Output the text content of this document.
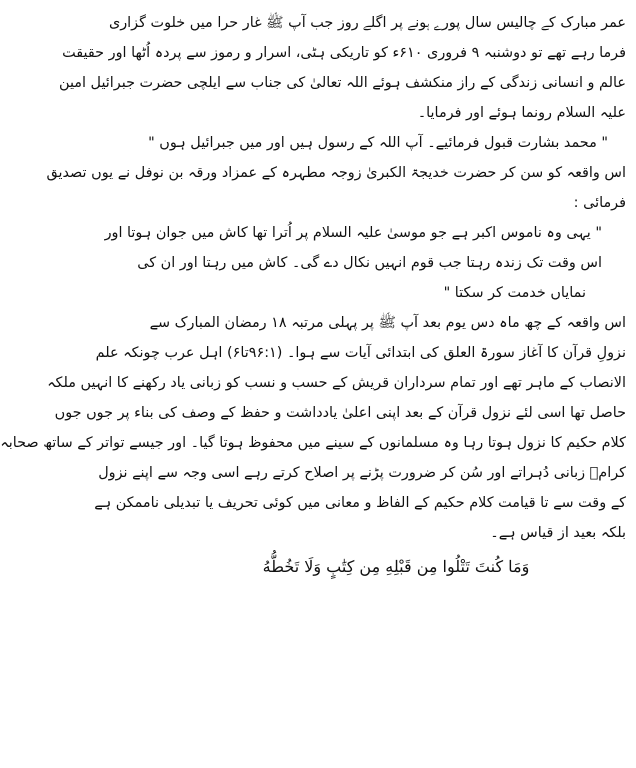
عمر مبارک کے چالیس سال پورے ہونے پر اگلے روز جب آپ ﷺ غار حرا میں خلوت گزاری
فرما رہے تھے تو دوشنبہ ۹ فروری ۶۱۰ء کو تاریکی ہٹی، اسرار و رموز سے پردہ اُٹھا اور حقیقت
عالم و انسانی زندگی کے راز منکشف ہوئے اللہ تعالیٰ کی جناب سے ایلچی حضرت جبرائیل امین
علیہ السلام رونما ہوئے اور فرمایا۔
" محمد بشارت قبول فرمائیے۔ آپ اللہ کے رسول ہیں اور میں جبرائیل ہوں "
اس واقعہ کو سن کر حضرت خدیجۃ الکبریٰ زوجہ مطہرہ کے عمزاد ورقہ بن نوفل نے یوں تصدیق
فرمائی :
" یہی وہ ناموس اکبر ہے جو موسیٰ علیہ السلام پر اُترا تھا کاش میں جوان ہوتا اور
اس وقت تک زندہ رہتا جب قوم انہیں نکال دے گی۔ کاش میں رہتا اور ان کی
نمایاں خدمت کر سکتا "
اس واقعہ کے چھ ماہ دس یوم بعد آپ ﷺ پر پہلی مرتبہ ۱۸ رمضان المبارک سے
نزولِ قرآن کا آغاز سورۃ العلق کی ابتدائی آیات سے ہوا۔ (۹۶:۱تا۶) اہل عرب چونکہ علم
الانصاب کے ماہر تھے اور تمام سرداران قریش کے حسب و نسب کو زبانی یاد رکھنے کا انہیں ملکہ
حاصل تھا اسی لئے نزول قرآن کے بعد اپنی اعلیٰ یادداشت و حفظ کے وصف کی بناء پر جوں جوں
کلام حکیم کا نزول ہوتا رہا وہ مسلمانوں کے سینے میں محفوظ ہوتا گیا۔ اور جیسے تواتر کے ساتھ صحابہ
کرامؓ زبانی دُہراتے اور سُن کر ضرورت پڑنے پر اصلاح کرتے رہے اسی وجہ سے اپنے نزول
کے وقت سے تا قیامت کلام حکیم کے الفاظ و معانی میں کوئی تحریف یا تبدیلی ناممکن ہے
بلکہ بعید از قیاس ہے۔
وَمَا كُنتَ تَتْلُوا مِن قَبْلِهِ مِن كِتَٰبٍ وَلَا تَخُطُّهُ
